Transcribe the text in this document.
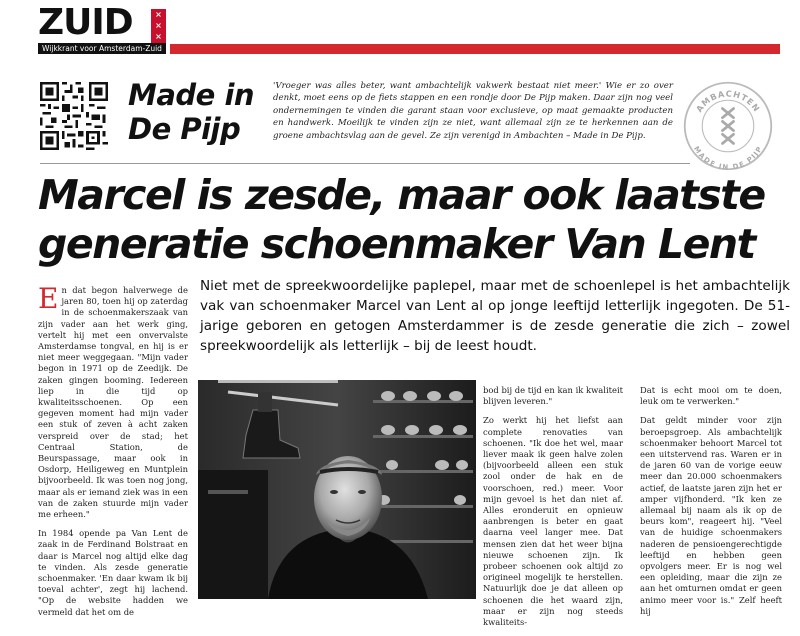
ZUID	×
×
×
Wijkkrant voor Amsterdam-Zuid
Made in
De Pijp
'Vroeger was alles beter, want ambachtelijk vakwerk bestaat niet meer.' Wie er zo over denkt, moet eens op de fiets stappen en een rondje door De Pijp maken. Daar zijn nog veel ondernemingen te vinden die garant staan voor exclusieve, op maat gemaakte producten en handwerk. Moeilijk te vinden zijn ze niet, want allemaal zijn ze te herkennen aan de groene ambachtsvlag aan de gevel. Ze zijn verenigd in Ambachten – Made in De Pijp.
AMBACHTEN
MADE IN DE PIJP
Marcel is zesde, maar ook laatste
generatie schoenmaker Van Lent
Niet met de spreekwoordelijke paplepel, maar met de schoenlepel is het ambachtelijk vak van schoenmaker Marcel van Lent al op jonge leeftijd letterlijk ingegoten. De 51-jarige geboren en getogen Amsterdammer is de zesde generatie die zich – zowel spreekwoordelijk als letterlijk – bij de leest houdt.

En dat begon halverwege de jaren 80, toen hij op zaterdag in de schoenmakerszaak van zijn vader aan het werk ging, vertelt hij met een onvervalste Amsterdamse tongval, en hij is er niet meer weggegaan. "Mijn vader begon in 1971 op de Zeedijk. De zaken gingen booming. Iedereen liep in die tijd op kwaliteitsschoenen. Op een gegeven moment had mijn vader een stuk of zeven à acht zaken verspreid over de stad; het Centraal Station, de Beurspassage, maar ook in Osdorp, Heiligeweg en Muntplein bijvoorbeeld. Ik was toen nog jong, maar als er iemand ziek was in een van de zaken stuurde mijn vader me erheen."

In 1984 opende pa Van Lent de zaak in de Ferdinand Bolstraat en daar is Marcel nog altijd elke dag te vinden. Als zesde generatie schoenmaker. 'En daar kwam ik bij toeval achter', zegt hij lachend. "Op de website hadden we vermeld dat het om de

bod bij de tijd en kan ik kwaliteit blijven leveren."

Zo werkt hij het liefst aan complete renovaties van schoenen. "Ik doe het wel, maar liever maak ik geen halve zolen (bijvoorbeeld alleen een stuk zool onder de hak en de voorschoen, red.) meer. Voor mijn gevoel is het dan niet af. Alles eronderuit en opnieuw aanbrengen is beter en gaat daarna veel langer mee. Dat mensen zien dat het weer bijna nieuwe schoenen zijn. Ik probeer schoenen ook altijd zo origineel mogelijk te herstellen. Natuurlijk doe je dat alleen op schoenen die het waard zijn, maar er zijn nog steeds kwaliteits-

Dat is echt mooi om te doen, leuk om te verwerken."

Dat geldt minder voor zijn beroepsgroep. Als ambachtelijk schoenmaker behoort Marcel tot een uitstervend ras. Waren er in de jaren 60 van de vorige eeuw meer dan 20.000 schoenmakers actief, de laatste jaren zijn het er amper vijfhonderd. "Ik ken ze allemaal bij naam als ik op de beurs kom", reageert hij. "Veel van de huidige schoenmakers naderen de pensioengerechtigde leeftijd en hebben geen opvolgers meer. Er is nog wel een opleiding, maar die zijn ze aan het omturnen omdat er geen animo meer voor is." Zelf heeft hij
